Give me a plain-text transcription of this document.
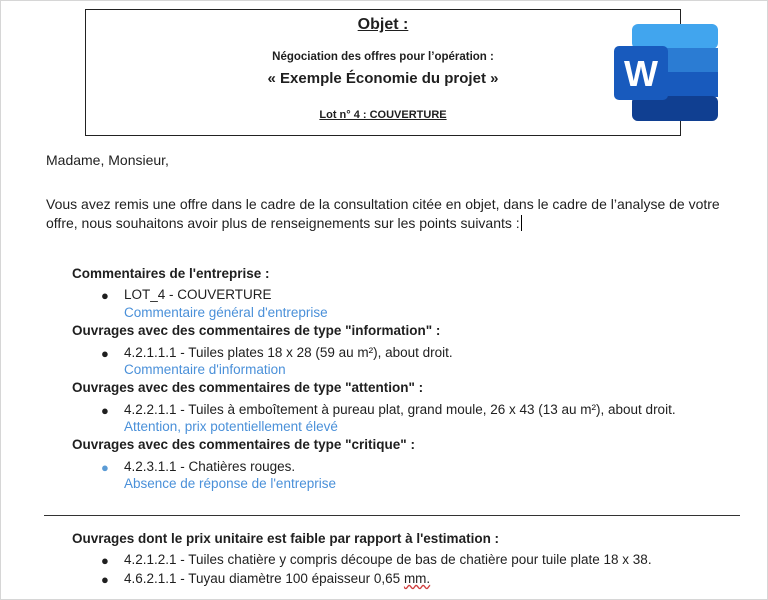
Objet :
Négociation des offres pour l’opération :
« Exemple Économie du projet »
Lot n° 4 : COUVERTURE
W
Madame, Monsieur,
Vous avez remis une offre dans le cadre de la consultation citée en objet, dans le cadre de l’analyse de votre offre, nous souhaitons avoir plus de renseignements sur les points suivants :
Commentaires de l'entreprise :
● LOT_4 - COUVERTURE
Commentaire général d'entreprise
Ouvrages avec des commentaires de type "information" :
● 4.2.1.1.1 - Tuiles plates 18 x 28 (59 au m²), about droit.
Commentaire d'information
Ouvrages avec des commentaires de type "attention" :
● 4.2.2.1.1 - Tuiles à emboîtement à pureau plat, grand moule, 26 x 43 (13 au m²), about droit.
Attention, prix potentiellement élevé
Ouvrages avec des commentaires de type "critique" :
● 4.2.3.1.1 - Chatières rouges.
Absence de réponse de l'entreprise
Ouvrages dont le prix unitaire est faible par rapport à l'estimation :
● 4.2.1.2.1 - Tuiles chatière y compris découpe de bas de chatière pour tuile plate 18 x 38.
● 4.6.2.1.1 - Tuyau diamètre 100 épaisseur 0,65 mm.
